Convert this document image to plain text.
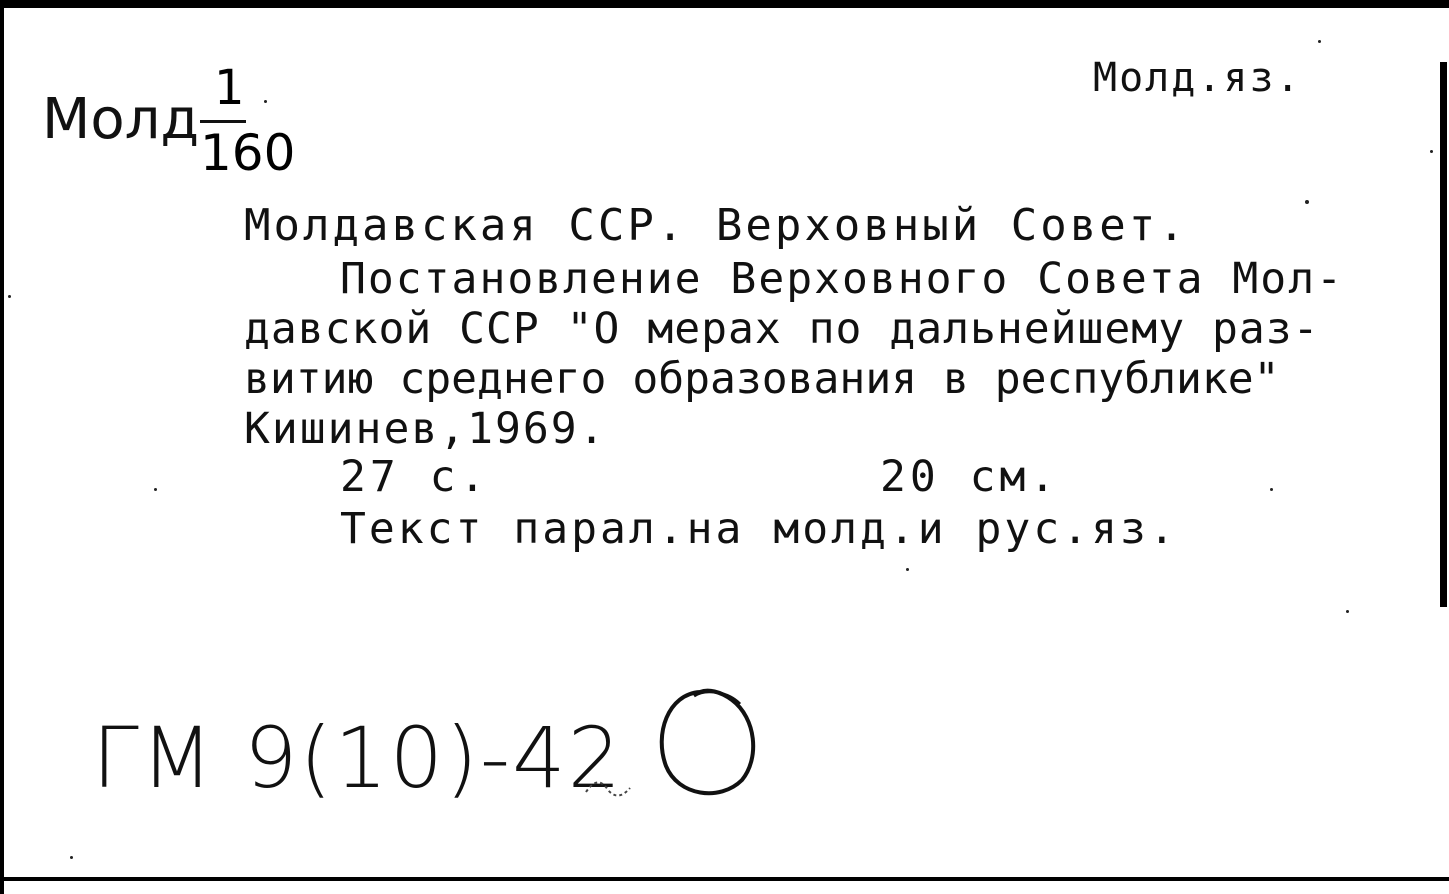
Молд.яз.
Молд 1
160
Молдавская ССР. Верховный Совет.
Постановление Верховного Совета Мол-
давской ССР "О мерах по дальнейшему раз-
витию среднего образования в республике"
Кишинев,1969.
27 с.	20 см.
Текст парал.на молд.и рус.яз.
ГМ 9(10)-42
